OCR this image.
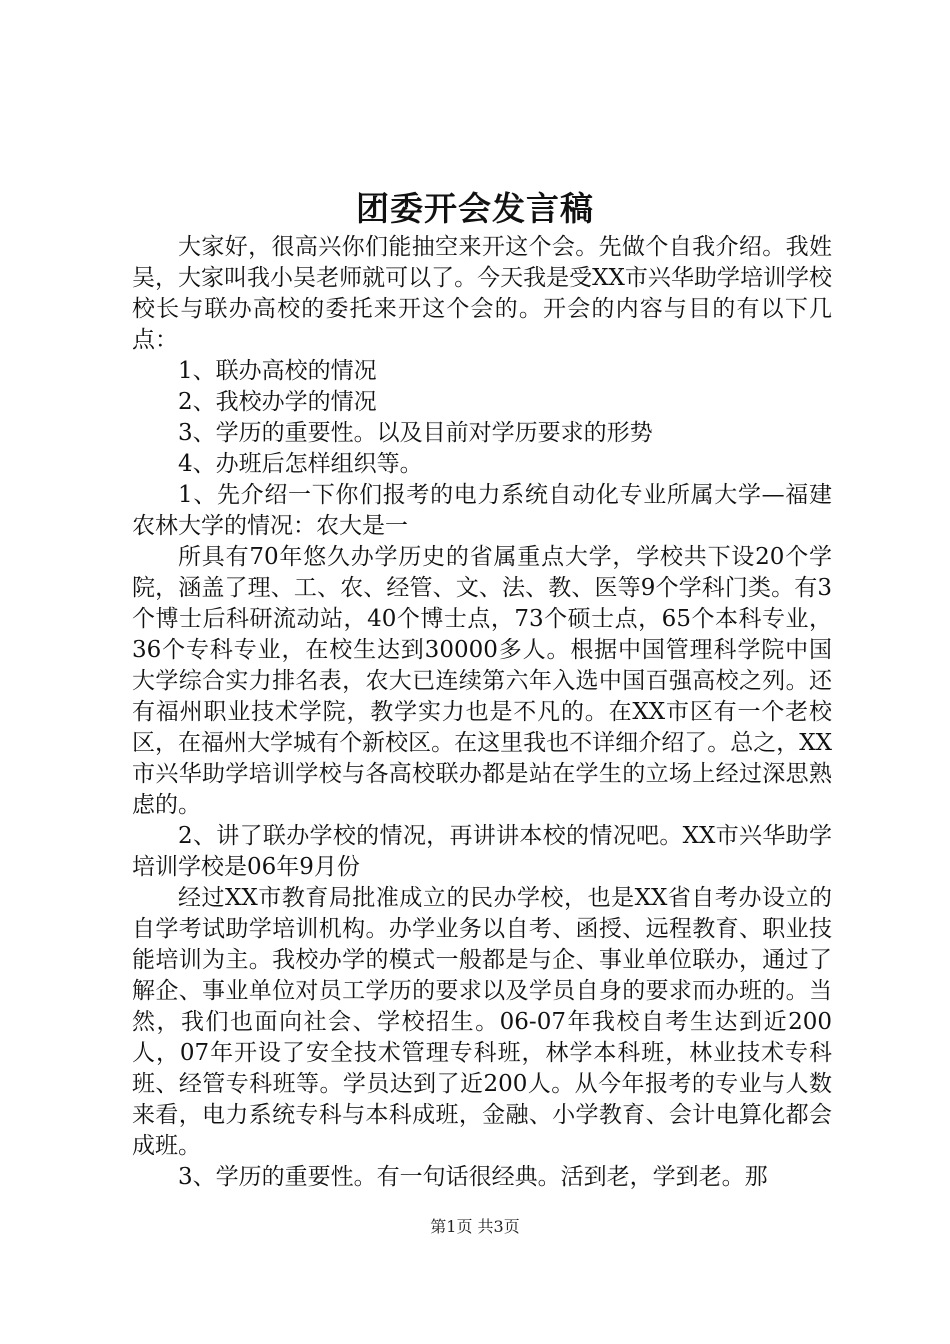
团委开会发言稿

大家好，很高兴你们能抽空来开这个会。先做个自我介绍。我姓吴，大家叫我小吴老师就可以了。今天我是受XX市兴华助学培训学校校长与联办高校的委托来开这个会的。开会的内容与目的有以下几点：

1、联办高校的情况

2、我校办学的情况

3、学历的重要性。以及目前对学历要求的形势

4、办班后怎样组织等。

1、先介绍一下你们报考的电力系统自动化专业所属大学—福建农林大学的情况：农大是一

所具有70年悠久办学历史的省属重点大学，学校共下设20个学院，涵盖了理、工、农、经管、文、法、教、医等9个学科门类。有3个博士后科研流动站，40个博士点，73个硕士点，65个本科专业，36个专科专业，在校生达到30000多人。根据中国管理科学院中国大学综合实力排名表，农大已连续第六年入选中国百强高校之列。还有福州职业技术学院，教学实力也是不凡的。在XX市区有一个老校区，在福州大学城有个新校区。在这里我也不详细介绍了。总之，XX市兴华助学培训学校与各高校联办都是站在学生的立场上经过深思熟虑的。

2、讲了联办学校的情况，再讲讲本校的情况吧。XX市兴华助学培训学校是06年9月份

经过XX市教育局批准成立的民办学校，也是XX省自考办设立的自学考试助学培训机构。办学业务以自考、函授、远程教育、职业技能培训为主。我校办学的模式一般都是与企、事业单位联办，通过了解企、事业单位对员工学历的要求以及学员自身的要求而办班的。当然，我们也面向社会、学校招生。06-07年我校自考生达到近200人，07年开设了安全技术管理专科班，林学本科班，林业技术专科班、经管专科班等。学员达到了近200人。从今年报考的专业与人数来看，电力系统专科与本科成班，金融、小学教育、会计电算化都会成班。

3、学历的重要性。有一句话很经典。活到老，学到老。那

第1页 共3页
